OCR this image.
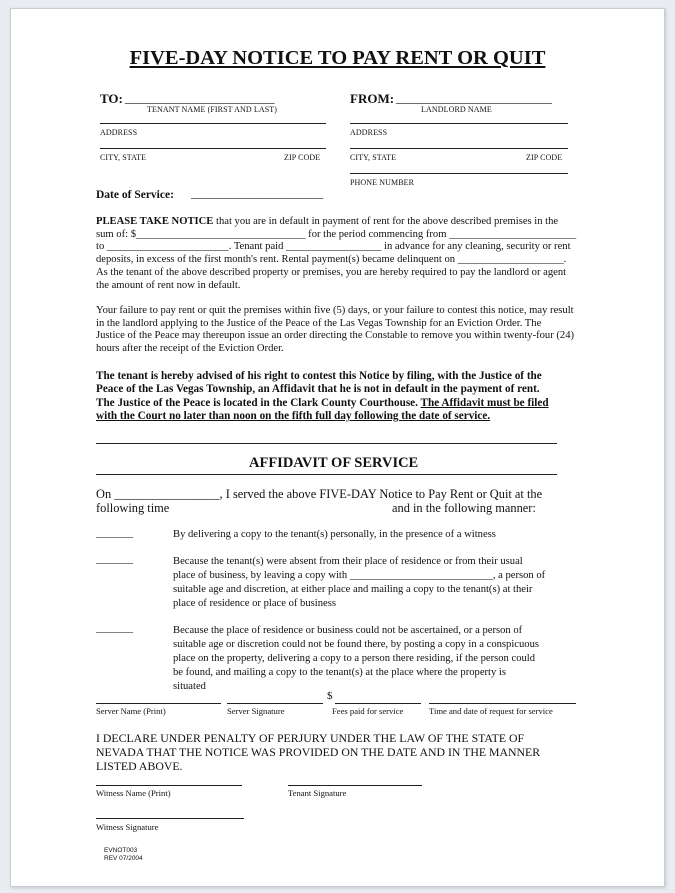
FIVE-DAY NOTICE TO PAY RENT OR QUIT
TO: _______________________	FROM: ________________________
TENANT NAME (FIRST AND LAST)	LANDLORD NAME
ADDRESS	ADDRESS
CITY, STATE	ZIP CODE	CITY, STATE	ZIP CODE
PHONE NUMBER
Date of Service: _______________________
PLEASE TAKE NOTICE that you are in default in payment of rent for the above described premises in the
sum of: $________________________________ for the period commencing from ________________________
to _______________________. Tenant paid __________________ in advance for any cleaning, security or rent
deposits, in excess of the first month's rent. Rental payment(s) became delinquent on ____________________.
As the tenant of the above described property or premises, you are hereby required to pay the landlord or agent
the amount of rent now in default.
Your failure to pay rent or quit the premises within five (5) days, or your failure to contest this notice, may result
in the landlord applying to the Justice of the Peace of the Las Vegas Township for an Eviction Order. The
Justice of the Peace may thereupon issue an order directing the Constable to remove you within twenty-four (24)
hours after the receipt of the Eviction Order.
The tenant is hereby advised of his right to contest this Notice by filing, with the Justice of the
Peace of the Las Vegas Township, an Affidavit that he is not in default in the payment of rent.
The Justice of the Peace is located in the Clark County Courthouse. The Affidavit must be filed
with the Court no later than noon on the fifth full day following the date of service.
AFFIDAVIT OF SERVICE
On _________________, I served the above FIVE-DAY Notice to Pay Rent or Quit at the
following time	and in the following manner:
_______	By delivering a copy to the tenant(s) personally, in the presence of a witness
_______	Because the tenant(s) were absent from their place of residence or from their usual
place of business, by leaving a copy with ___________________________, a person of
suitable age and discretion, at either place and mailing a copy to the tenant(s) at their
place of residence or place of business
_______	Because the place of residence or business could not be ascertained, or a person of
suitable age or discretion could not be found there, by posting a copy in a conspicuous
place on the property, delivering a copy to a person there residing, if the person could
be found, and mailing a copy to the tenant(s) at the place where the property is
situated
$
Server Name (Print)	Server Signature	Fees paid for service	Time and date of request for service
I DECLARE UNDER PENALTY OF PERJURY UNDER THE LAW OF THE STATE OF
NEVADA THAT THE NOTICE WAS PROVIDED ON THE DATE AND IN THE MANNER
LISTED ABOVE.
Witness Name (Print)	Tenant Signature
Witness Signature
EVNOT003
REV 07/2004
